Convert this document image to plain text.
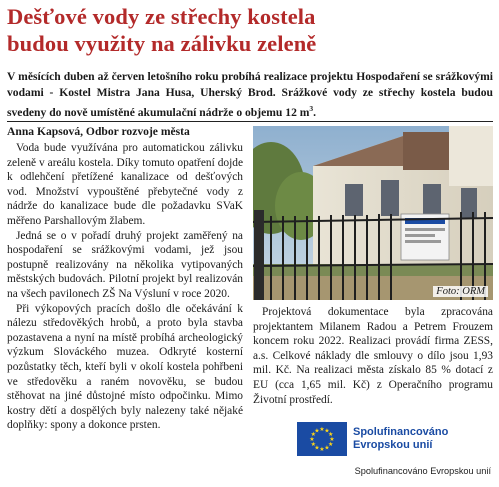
Dešťové vody ze střechy kostela
budou využity na zálivku zeleně
V měsících duben až červen letošního roku probíhá realizace projektu Hospodaření se srážkovými vodami - Kostel Mistra Jana Husa, Uherský Brod. Srážkové vody ze střechy kostela budou svedeny do nově umístěné akumulační nádrže o objemu 12 $m^3$.
Anna Kapsová, Odbor rozvoje města

Voda bude využívána pro automatickou zálivku zeleně v areálu kostela. Díky tomuto opatření dojde k odlehčení přetížené kanalizace od dešťových vod. Množství vypouštěné přebytečné vody z nádrže do kanalizace bude dle požadavku SVaK měřeno Parshallovým žlabem.

Jedná se o v pořadí druhý projekt zaměřený na hospodaření se srážkovými vodami, jež jsou postupně realizovány na několika vytipovaných městských budovách. Pilotní projekt byl realizován na všech pavilonech ZŠ Na Výsluní v roce 2020.

Při výkopových pracích došlo dle očekávání k nálezu středověkých hrobů, a proto byla stavba pozastavena a nyní na místě probíhá archeologický výzkum Slováckého muzea. Odkryté kosterní pozůstatky těch, kteří byli v okolí kostela pohřbeni ve středověku a raném novověku, se budou stěhovat na jiné důstojné místo odpočinku. Mimo kostry dětí a dospělých byly nalezeny také nějaké doplňky: spony a dokonce prsten.

Foto: ORM

Projektová dokumentace byla zpracována projektantem Milanem Radou a Petrem Frouzem koncem roku 2022. Realizaci provádí firma ZESS, a.s. Celkové náklady dle smlouvy o dílo jsou 1,93 mil. Kč. Na realizaci města získalo 85 % dotací z EU (cca 1,65 mil. Kč) z Operačního programu Životní prostředí.

★ ★
★
★
★
★
★
★
★
★
★
★	Spolufinancováno
Evropskou unií
Spolufinancováno Evropskou unií
